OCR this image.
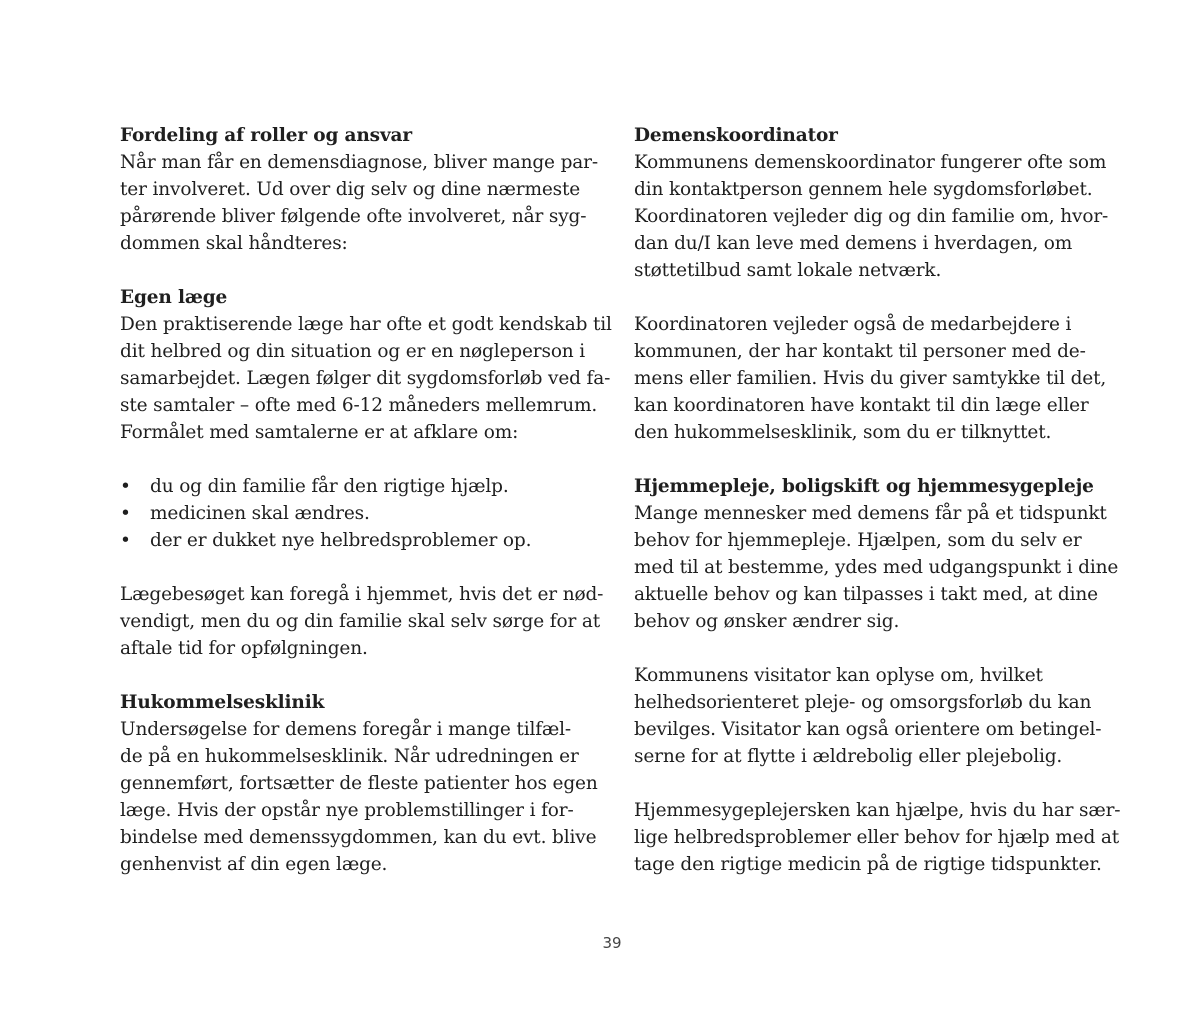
Fordeling af roller og ansvar

Når man får en demensdiagnose, bliver mange par-

ter involveret. Ud over dig selv og dine nærmeste

pårørende bliver følgende ofte involveret, når syg-

dommen skal håndteres:

Egen læge

Den praktiserende læge har ofte et godt kendskab til

dit helbred og din situation og er en nøgleperson i

samarbejdet. Lægen følger dit sygdomsforløb ved fa-

ste samtaler – ofte med 6-12 måneders mellemrum.

Formålet med samtalerne er at afklare om:

• du og din familie får den rigtige hjælp.

• medicinen skal ændres.

• der er dukket nye helbredsproblemer op.

Lægebesøget kan foregå i hjemmet, hvis det er nød-

vendigt, men du og din familie skal selv sørge for at

aftale tid for opfølgningen.

Hukommelsesklinik

Undersøgelse for demens foregår i mange tilfæl-

de på en hukommelsesklinik. Når udredningen er

gennemført, fortsætter de fleste patienter hos egen

læge. Hvis der opstår nye problemstillinger i for-

bindelse med demenssygdommen, kan du evt. blive

genhenvist af din egen læge.

Demenskoordinator

Kommunens demenskoordinator fungerer ofte som

din kontaktperson gennem hele sygdomsforløbet.

Koordinatoren vejleder dig og din familie om, hvor-

dan du/I kan leve med demens i hverdagen, om

støttetilbud samt lokale netværk.

Koordinatoren vejleder også de medarbejdere i

kommunen, der har kontakt til personer med de-

mens eller familien. Hvis du giver samtykke til det,

kan koordinatoren have kontakt til din læge eller

den hukommelsesklinik, som du er tilknyttet.

Hjemmepleje, boligskift og hjemmesygepleje

Mange mennesker med demens får på et tidspunkt

behov for hjemmepleje. Hjælpen, som du selv er

med til at bestemme, ydes med udgangspunkt i dine

aktuelle behov og kan tilpasses i takt med, at dine

behov og ønsker ændrer sig.

Kommunens visitator kan oplyse om, hvilket

helhedsorienteret pleje- og omsorgsforløb du kan

bevilges. Visitator kan også orientere om betingel-

serne for at flytte i ældrebolig eller plejebolig.

Hjemmesygeplejersken kan hjælpe, hvis du har sær-

lige helbredsproblemer eller behov for hjælp med at

tage den rigtige medicin på de rigtige tidspunkter.

39
